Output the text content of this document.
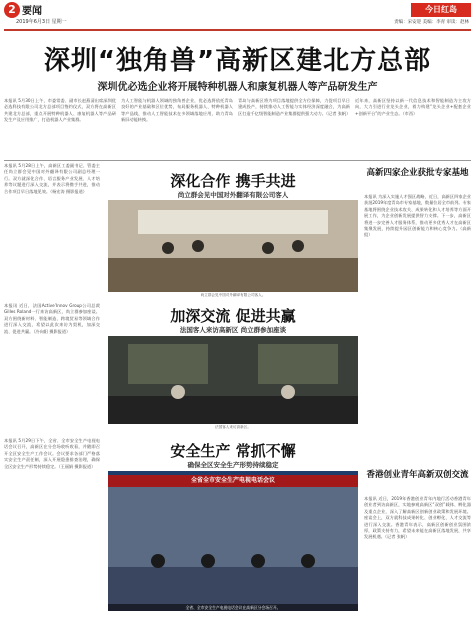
2 要闻
2019年6月3日 星期一
今日红岛
责编：宋安迎 美编：李青 审读：赵林
深圳“独角兽”高新区建北方总部
深圳优必选企业将开展特种机器人和康复机器人等产品研发生产
本报讯 5月30日上午，市委常委、副市长赵燕清出席深圳优必选科技有限公司北方总部项目签约仪式，双方将在高新区共建北方总部，重点开展特种机器人、康复机器人等产品研发生产及应用推广，打造机器人产业集群。
为人工智能与机器人领域的独角兽企业，优必选将依托青岛良好的产业基础和区位优势，布局服务机器人、特种机器人等产品线，推动人工智能技术在多领域落地应用，助力青岛新旧动能转换。
青岛与高新区将为项目落地提供全方位保障，力促项目早日建成投产，持续推动人工智能与实体经济深度融合，为高新区打造千亿级智能制造产业集群提供强大动力。（记者 张帆）
近年来，高新区坚持以新一代信息技术和智能制造为主攻方向，大力引进行业龙头企业，着力构建“龙头企业+配套企业+创新平台”的产业生态。（市西）
本报讯 5月28日上午，高新区工委副书记、管委主任尚立群会见中国对外翻译有限公司副总经理一行。双方就深化合作、语言服务产业发展、人才培养等议题进行深入交流，并表示将携手共进，推动合作项目早日落地见效。（杨宏涛 摄影报道）
本报讯 近日，法国Active’Innov Group公司总裁Gilles Roland一行来访高新区，尚立群参加座谈。双方围绕新材料、智能制造、跨境贸易等领域合作进行深入交流，希望以此次来访为契机，加深交流、促进共赢。（冷向阳 摄影报道）
本报讯 5月29日下午，全省、全市安全生产电视电话会议召开，高新区在分会场收听收看，并随即召开全区安全生产工作会议。会议要求各部门严格落实安全生产责任制，深入开展隐患排查治理，确保全区安全生产形势持续稳定。（王丽娟 摄影报道）
深化合作 携手共进
尚立群会见中国对外翻译有限公司客人
尚立群会见中国对外翻译有限公司客人。
加深交流 促进共赢
法国客人来访高新区 尚立群参加座谈
法国客人来访高新区。
安全生产 常抓不懈
确保全区安全生产形势持续稳定
全省全市安全生产电视电话会议
全省、全市安全生产电视电话会议在高新区分会场召开。
高新四家企业获批专家基地
本报讯 为深入实施人才强区战略，近日，高新区四家企业获批2019年度青岛市专家基地，数量位居全市前列。专家基地将围绕企业技术攻关、成果转化和人才培养等方面开展工作，为企业创新发展提供智力支撑。下一步，高新区将进一步完善人才服务体系，推动更多优秀人才在高新区集聚发展，持续提升园区创新能力和核心竞争力。（高新组）
香港创业青年高新双创交流
本报讯 近日，2019年香港创业青年内地行活动香港青年创业者到访高新区，实地参观高新区“双创”载体、孵化器及重点企业，深入了解高新区创新创业政策和发展环境。座谈会上，双方就科技成果转化、创业孵化、人才交流等进行深入交流。香港青年表示，高新区创新创业氛围浓厚，政策支持有力，希望未来能在高新区落地发展，共享发展机遇。（记者 张帆）
